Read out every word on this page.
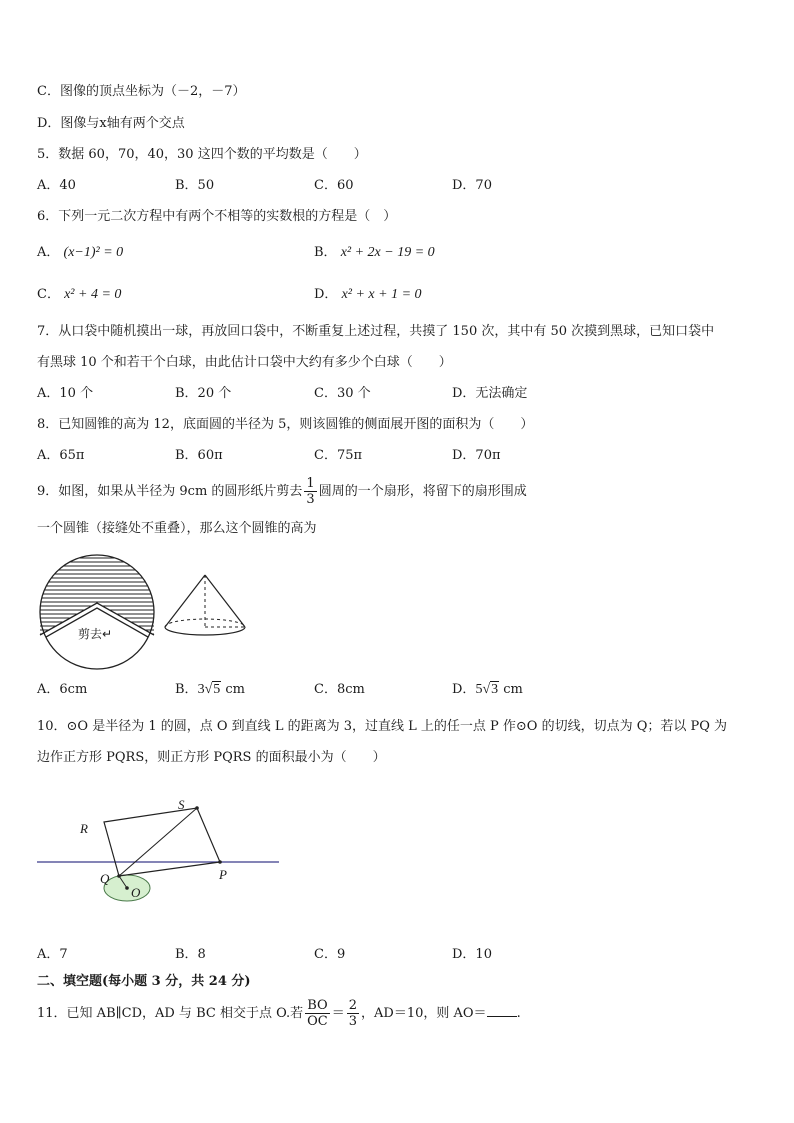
C．图像的顶点坐标为（－2，－7）
D．图像与x轴有两个交点
5．数据 60，70，40，30 这四个数的平均数是（　　）
A．40	B．50	C．60	D．70
6．下列一元二次方程中有两个不相等的实数根的方程是（　）
A． (x−1)² = 0	B． x² + 2x − 19 = 0
C． x² + 4 = 0	D． x² + x + 1 = 0
7．从口袋中随机摸出一球，再放回口袋中，不断重复上述过程，共摸了 150 次，其中有 50 次摸到黑球，已知口袋中
有黑球 10 个和若干个白球，由此估计口袋中大约有多少个白球（　　）
A．10 个	B．20 个	C．30 个	D．无法确定
8．已知圆锥的高为 12，底面圆的半径为 5，则该圆锥的侧面展开图的面积为（　　）
A．65π	B．60π	C．75π	D．70π
9．如图，如果从半径为 9cm 的圆形纸片剪去 $\frac{1}{3}$ 圆周的一个扇形，将留下的扇形围成
一个圆锥（接缝处不重叠），那么这个圆锥的高为
剪去↵
A．6cm	B．3√5 cm	C．8cm	D．5√3 cm
10．⊙O 是半径为 1 的圆，点 O 到直线 L 的距离为 3，过直线 L 上的任一点 P 作⊙O 的切线，切点为 Q；若以 PQ 为
边作正方形 PQRS，则正方形 PQRS 的面积最小为（　　）
S
R
Q	P
O
A．7	B．8	C．9	D．10
二、填空题(每小题 3 分，共 24 分)
11．已知 AB∥CD，AD 与 BC 相交于点 O.若 $\frac{BO}{OC} = \frac{2}{3}$ ，AD＝10，则 AO＝ .
